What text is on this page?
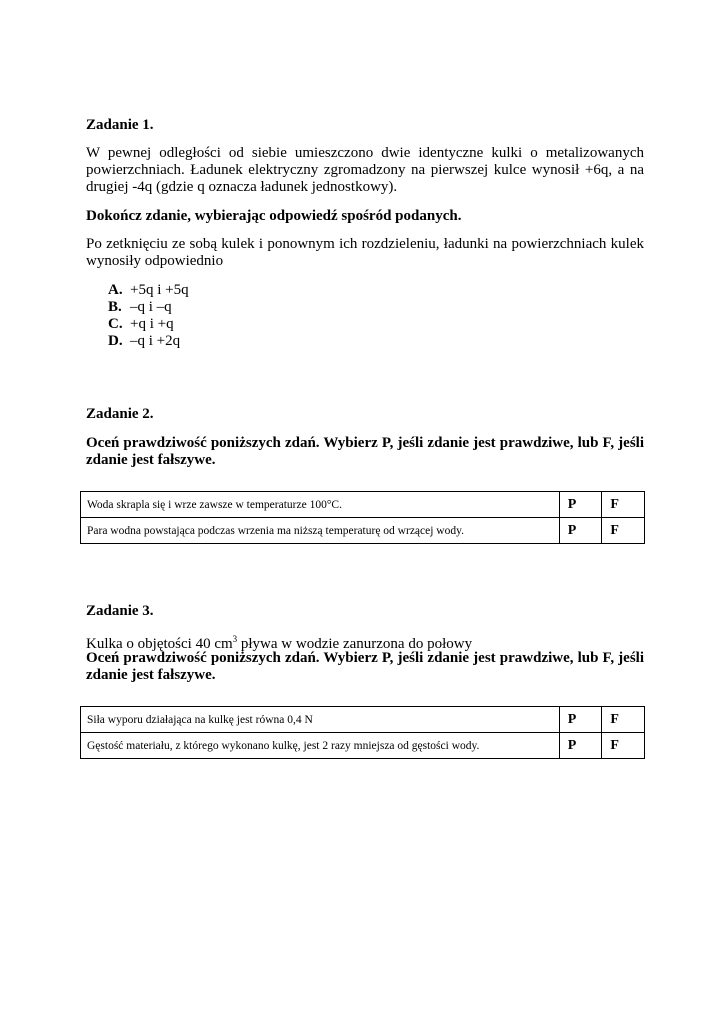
Zadanie 1.

W pewnej odległości od siebie umieszczono dwie identyczne kulki o metalizowanych powierzchniach. Ładunek elektryczny zgromadzony na pierwszej kulce wynosił +6q, a na drugiej -4q (gdzie q oznacza ładunek jednostkowy).

Dokończ zdanie, wybierając odpowiedź spośród podanych.

Po zetknięciu ze sobą kulek i ponownym ich rozdzieleniu, ładunki na powierzchniach kulek wynosiły odpowiednio

A. +5q i +5q
B. –q i –q
C. +q i +q
D. –q i +2q

Zadanie 2.

Oceń prawdziwość poniższych zdań. Wybierz P, jeśli zdanie jest prawdziwe, lub F, jeśli zdanie jest fałszywe.

Woda skrapla się i wrze zawsze w temperaturze 100°C.	P	F
Para wodna powstająca podczas wrzenia ma niższą temperaturę od wrzącej wody.	P	F

Zadanie 3.

Kulka o objętości 40 $cm^3$ pływa w wodzie zanurzona do połowy

Oceń prawdziwość poniższych zdań. Wybierz P, jeśli zdanie jest prawdziwe, lub F, jeśli zdanie jest fałszywe.

Siła wyporu działająca na kulkę jest równa 0,4 N	P	F
Gęstość materiału, z którego wykonano kulkę, jest 2 razy mniejsza od gęstości wody.	P	F
